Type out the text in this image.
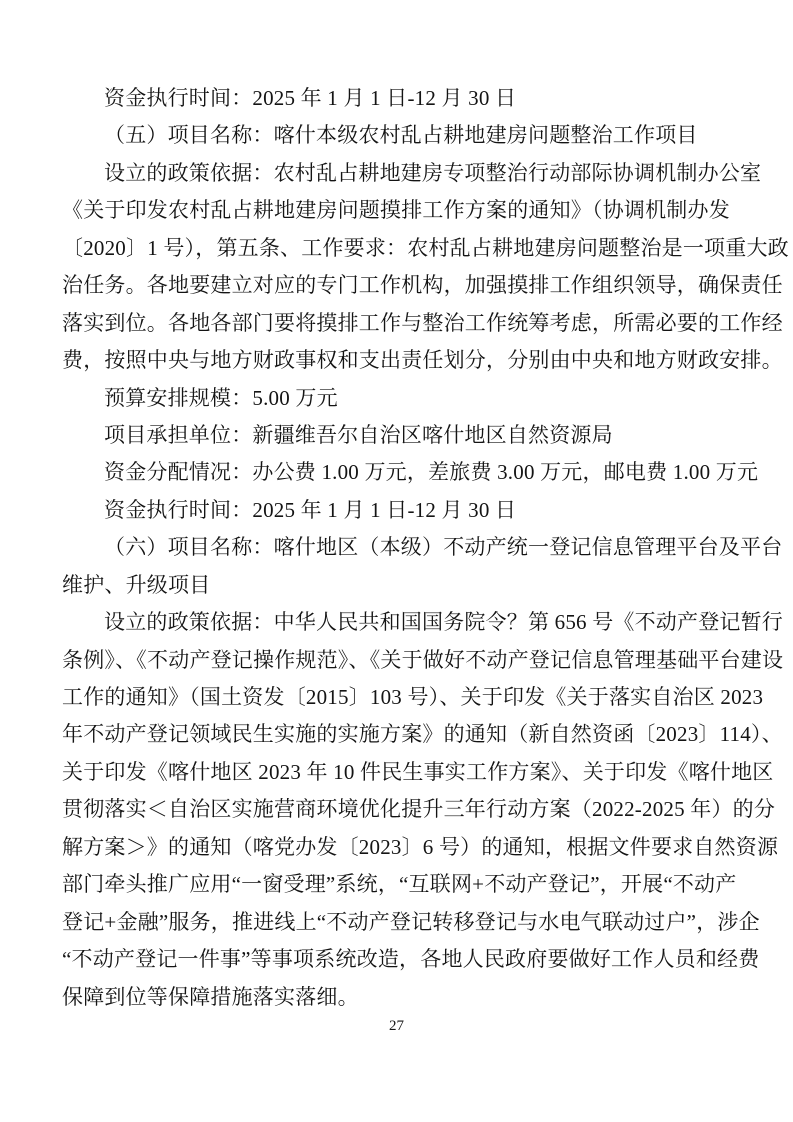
资金执行时间：2025 年 1 月 1 日-12 月 30 日
（五）项目名称：喀什本级农村乱占耕地建房问题整治工作项目
设立的政策依据：农村乱占耕地建房专项整治行动部际协调机制办公室
《关于印发农村乱占耕地建房问题摸排工作方案的通知》（协调机制办发
〔2020〕1 号），第五条、工作要求：农村乱占耕地建房问题整治是一项重大政
治任务。各地要建立对应的专门工作机构，加强摸排工作组织领导，确保责任
落实到位。各地各部门要将摸排工作与整治工作统筹考虑，所需必要的工作经
费，按照中央与地方财政事权和支出责任划分，分别由中央和地方财政安排。
预算安排规模：5.00 万元
项目承担单位：新疆维吾尔自治区喀什地区自然资源局
资金分配情况：办公费 1.00 万元，差旅费 3.00 万元，邮电费 1.00 万元
资金执行时间：2025 年 1 月 1 日-12 月 30 日
（六）项目名称：喀什地区（本级）不动产统一登记信息管理平台及平台
维护、升级项目
设立的政策依据：中华人民共和国国务院令？第 656 号《不动产登记暂行
条例》、《不动产登记操作规范》、《关于做好不动产登记信息管理基础平台建设
工作的通知》（国土资发〔2015〕103 号）、关于印发《关于落实自治区 2023
年不动产登记领域民生实施的实施方案》的通知（新自然资函〔2023〕114）、
关于印发《喀什地区 2023 年 10 件民生事实工作方案》、关于印发《喀什地区
贯彻落实＜自治区实施营商环境优化提升三年行动方案（2022-2025 年）的分
解方案＞》的通知（喀党办发〔2023〕6 号）的通知，根据文件要求自然资源
部门牵头推广应用“一窗受理”系统，“互联网+不动产登记”，开展“不动产
登记+金融”服务，推进线上“不动产登记转移登记与水电气联动过户”，涉企
“不动产登记一件事”等事项系统改造，各地人民政府要做好工作人员和经费
保障到位等保障措施落实落细。
27
